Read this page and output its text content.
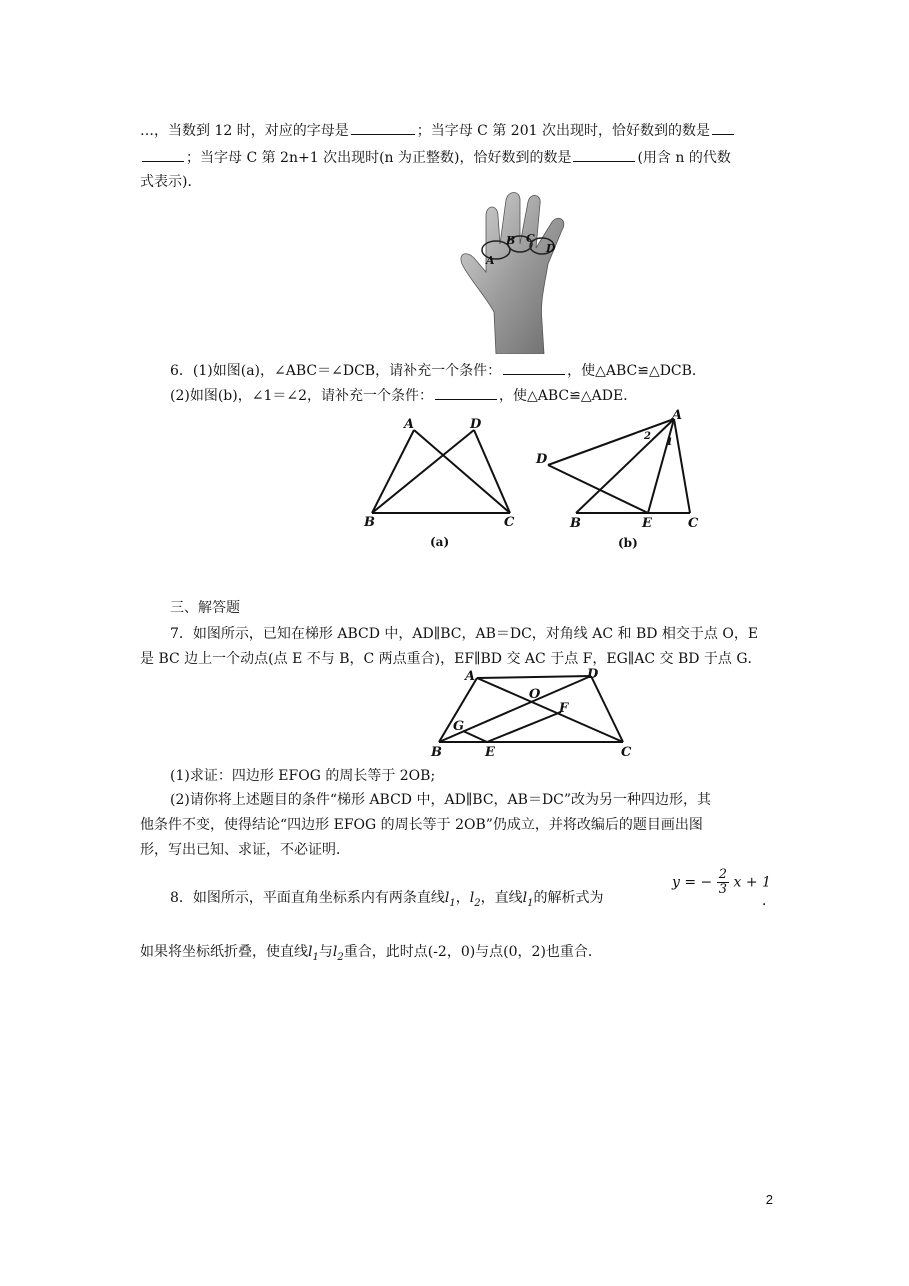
…，当数到 12 时，对应的字母是	；当字母 C 第 201 次出现时，恰好数到的数是
；当字母 C 第 2n+1 次出现时(n 为正整数)，恰好数到的数是	(用含 n 的代数
式表示)．
A
B C
D
6．(1)如图(a)，∠ABC＝∠DCB，请补充一个条件：	，使△ABC≌△DCB．
(2)如图(b)，∠1＝∠2，请补充一个条件：	，使△ABC≌△ADE．
A	D
B	C
(a)
A
D
B	E	C
2
1
(b)
三、解答题
7．如图所示，已知在梯形 ABCD 中，AD∥BC，AB＝DC，对角线 AC 和 BD 相交于点 O，E
是 BC 边上一个动点(点 E 不与 B，C 两点重合)，EF∥BD 交 AC 于点 F，EG∥AC 交 BD 于点 G．
A	D
O
F
G
B	E	C
(1)求证：四边形 EFOG 的周长等于 2OB;
(2)请你将上述题目的条件“梯形 ABCD 中，AD∥BC，AB＝DC”改为另一种四边形，其
他条件不变，使得结论“四边形 EFOG 的周长等于 2OB”仍成立，并将改编后的题目画出图
形，写出已知、求证，不必证明．
8．如图所示，平面直角坐标系内有两条直线$l_1$，$l_2$，直线$l_1$的解析式为
y = − $\frac{2}{3}$ x + 1
．
如果将坐标纸折叠，使直线$l_1$与$l_2$重合，此时点(-2，0)与点(0，2)也重合．
2
